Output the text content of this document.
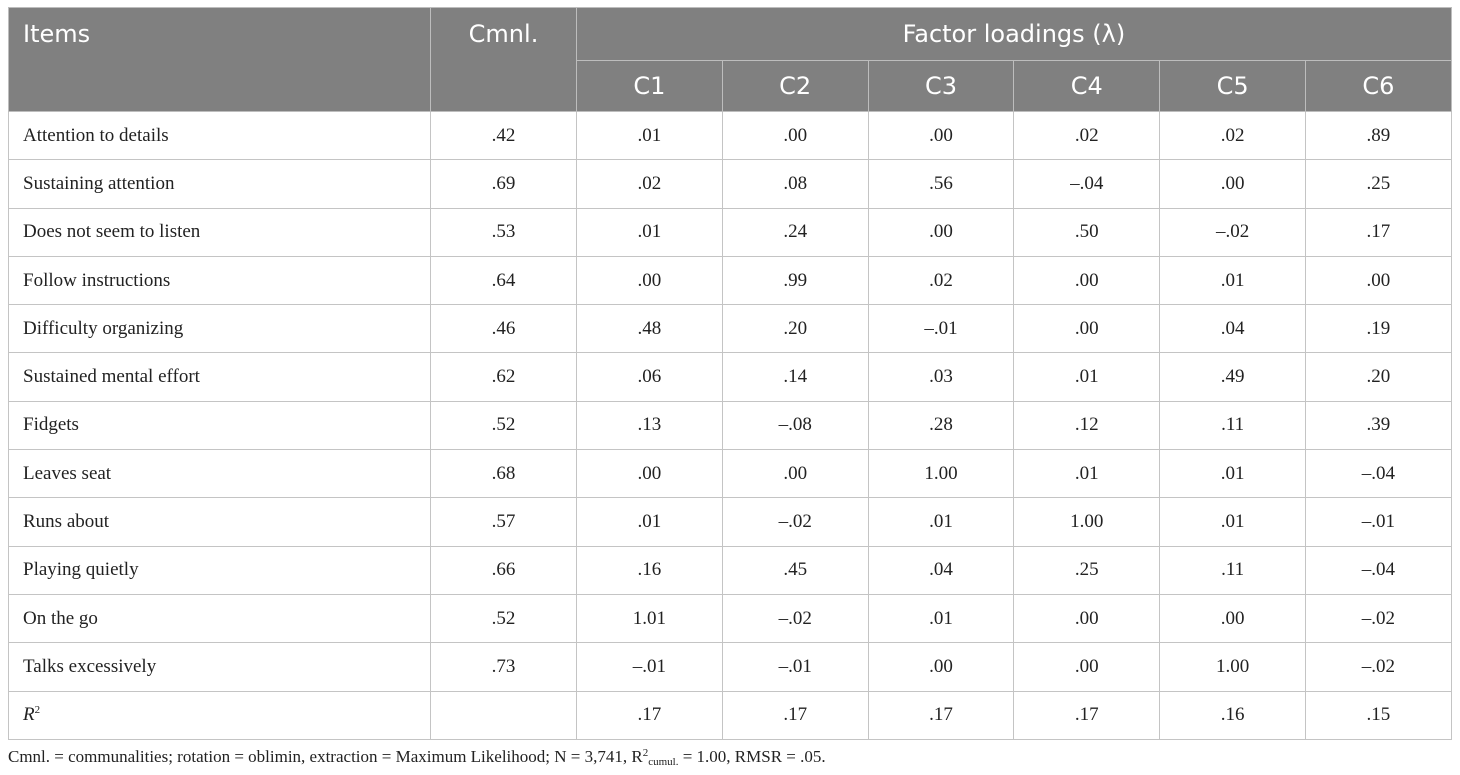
Items	Cmnl.	Factor loadings (λ)					
		C1	C2	C3	C4	C5	C6
Attention to details	.42	.01	.00	.00	.02	.02	.89
Sustaining attention	.69	.02	.08	.56	–.04	.00	.25
Does not seem to listen	.53	.01	.24	.00	.50	–.02	.17
Follow instructions	.64	.00	.99	.02	.00	.01	.00
Difficulty organizing	.46	.48	.20	–.01	.00	.04	.19
Sustained mental effort	.62	.06	.14	.03	.01	.49	.20
Fidgets	.52	.13	–.08	.28	.12	.11	.39
Leaves seat	.68	.00	.00	1.00	.01	.01	–.04
Runs about	.57	.01	–.02	.01	1.00	.01	–.01
Playing quietly	.66	.16	.45	.04	.25	.11	–.04
On the go	.52	1.01	–.02	.01	.00	.00	–.02
Talks excessively	.73	–.01	–.01	.00	.00	1.00	–.02
$R^2$		.17	.17	.17	.17	.16	.15
Cmnl. = communalities; rotation = oblimin, extraction = Maximum Likelihood; N = 3,741, $R^2_{cumul.} = 1.00$, RMSR = .05.
